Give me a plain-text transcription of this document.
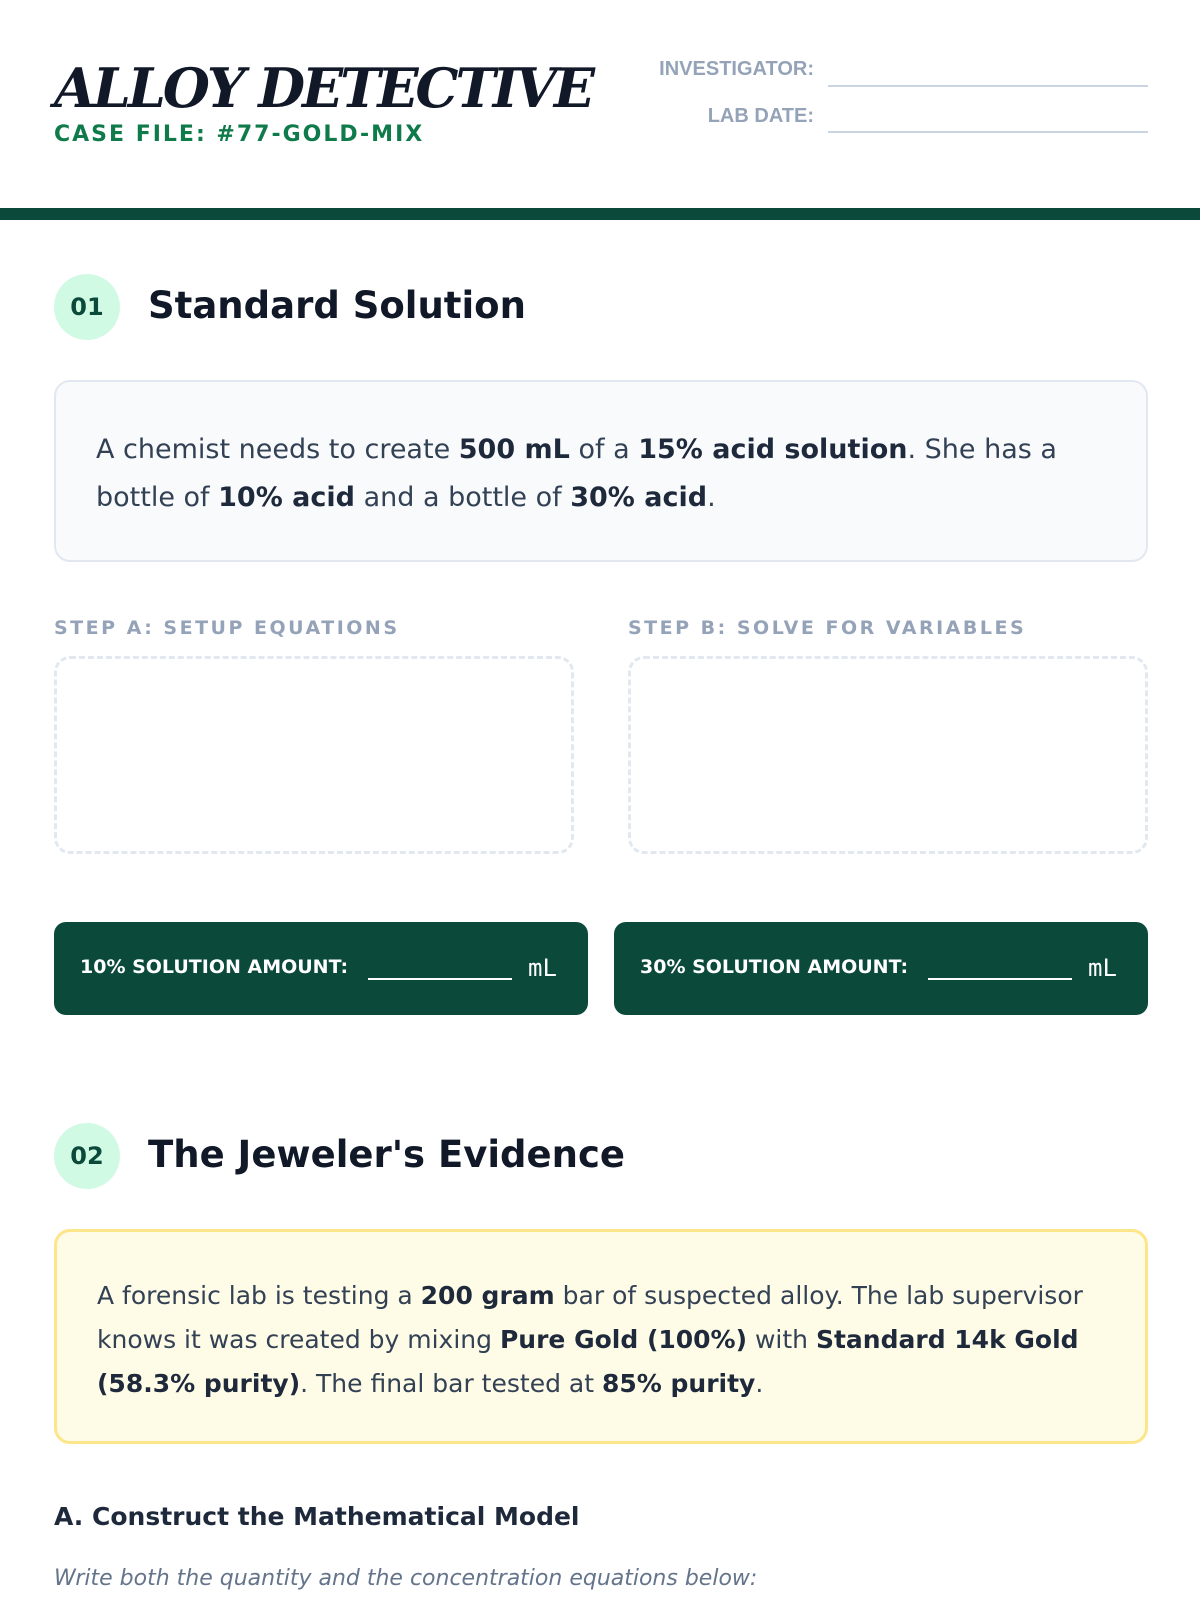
ALLOY DETECTIVE
CASE FILE: #77-GOLD-MIX
INVESTIGATOR:
LAB DATE:
01	Standard Solution
A chemist needs to create 500 mL of a 15% acid solution. She has a bottle of 10% acid and a bottle of 30% acid.
STEP A: SETUP EQUATIONS	STEP B: SOLVE FOR VARIABLES
10% SOLUTION AMOUNT:	mL	30% SOLUTION AMOUNT:	mL
02	The Jeweler's Evidence
A forensic lab is testing a 200 gram bar of suspected alloy. The lab supervisor knows it was created by mixing Pure Gold (100%) with Standard 14k Gold (58.3% purity). The final bar tested at 85% purity.
A. Construct the Mathematical Model
Write both the quantity and the concentration equations below:
